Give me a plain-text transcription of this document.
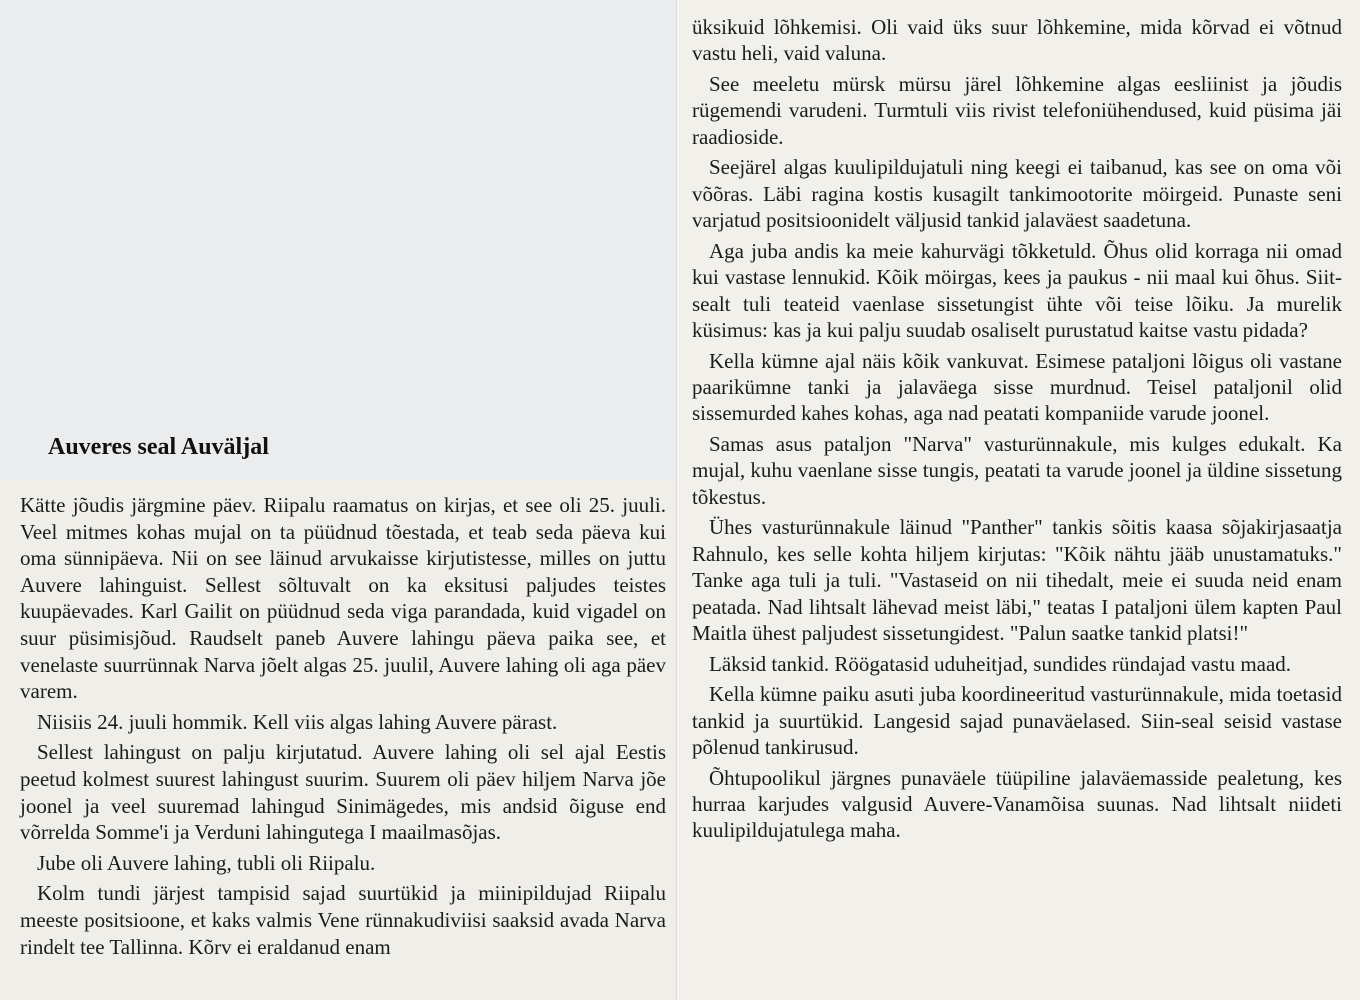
Auveres seal Auväljal

Kätte jõudis järgmine päev. Riipalu raamatus on kirjas, et see oli 25. juuli. Veel mitmes kohas mujal on ta püüdnud tõestada, et teab seda päeva kui oma sünnipäeva. Nii on see läinud arvukaisse kirjutistesse, milles on juttu Auvere lahinguist. Sellest sõltuvalt on ka eksitusi paljudes teistes kuupäevades. Karl Gailit on püüdnud seda viga parandada, kuid vigadel on suur püsimisjõud. Raudselt paneb Auvere lahingu päeva paika see, et venelaste suurrünnak Narva jõelt algas 25. juulil, Auvere lahing oli aga päev varem.

Niisiis 24. juuli hommik. Kell viis algas lahing Auvere pärast.

Sellest lahingust on palju kirjutatud. Auvere lahing oli sel ajal Eestis peetud kolmest suurest lahingust suurim. Suurem oli päev hiljem Narva jõe joonel ja veel suuremad lahingud Sinimägedes, mis andsid õiguse end võrrelda Somme'i ja Verduni lahingutega I maailmasõjas.

Jube oli Auvere lahing, tubli oli Riipalu.

Kolm tundi järjest tampisid sajad suurtükid ja miinipildujad Riipalu meeste positsioone, et kaks valmis Vene rünnakudiviisi saaksid avada Narva rindelt tee Tallinna. Kõrv ei eraldanud enam

üksikuid lõhkemisi. Oli vaid üks suur lõhkemine, mida kõrvad ei võtnud vastu heli, vaid valuna.

See meeletu mürsk mürsu järel lõhkemine algas eesliinist ja jõudis rügemendi varudeni. Turmtuli viis rivist telefoniühendused, kuid püsima jäi raadioside.

Seejärel algas kuulipildujatuli ning keegi ei taibanud, kas see on oma või võõras. Läbi ragina kostis kusagilt tankimootorite möirgeid. Punaste seni varjatud positsioonidelt väljusid tankid jalaväest saadetuna.

Aga juba andis ka meie kahurvägi tõkketuld. Õhus olid korraga nii omad kui vastase lennukid. Kõik möirgas, kees ja paukus - nii maal kui õhus. Siit-sealt tuli teateid vaenlase sissetungist ühte või teise lõiku. Ja murelik küsimus: kas ja kui palju suudab osaliselt purustatud kaitse vastu pidada?

Kella kümne ajal näis kõik vankuvat. Esimese pataljoni lõigus oli vastane paarikümne tanki ja jalaväega sisse murdnud. Teisel pataljonil olid sissemurded kahes kohas, aga nad peatati kompaniide varude joonel.

Samas asus pataljon "Narva" vasturünnakule, mis kulges edukalt. Ka mujal, kuhu vaenlane sisse tungis, peatati ta varude joonel ja üldine sissetung tõkestus.

Ühes vasturünnakule läinud "Panther" tankis sõitis kaasa sõjakirjasaatja Rahnulo, kes selle kohta hiljem kirjutas: "Kõik nähtu jääb unustamatuks." Tanke aga tuli ja tuli. "Vastaseid on nii tihedalt, meie ei suuda neid enam peatada. Nad lihtsalt lähevad meist läbi," teatas I pataljoni ülem kapten Paul Maitla ühest paljudest sissetungidest. "Palun saatke tankid platsi!"

Läksid tankid. Röögatasid uduheitjad, sundides ründajad vastu maad.

Kella kümne paiku asuti juba koordineeritud vasturünnakule, mida toetasid tankid ja suurtükid. Langesid sajad punaväelased. Siin-seal seisid vastase põlenud tankirusud.

Õhtupoolikul järgnes punaväele tüüpiline jalaväemasside pealetung, kes hurraa karjudes valgusid Auvere-Vanamõisa suunas. Nad lihtsalt niideti kuulipildujatulega maha.
